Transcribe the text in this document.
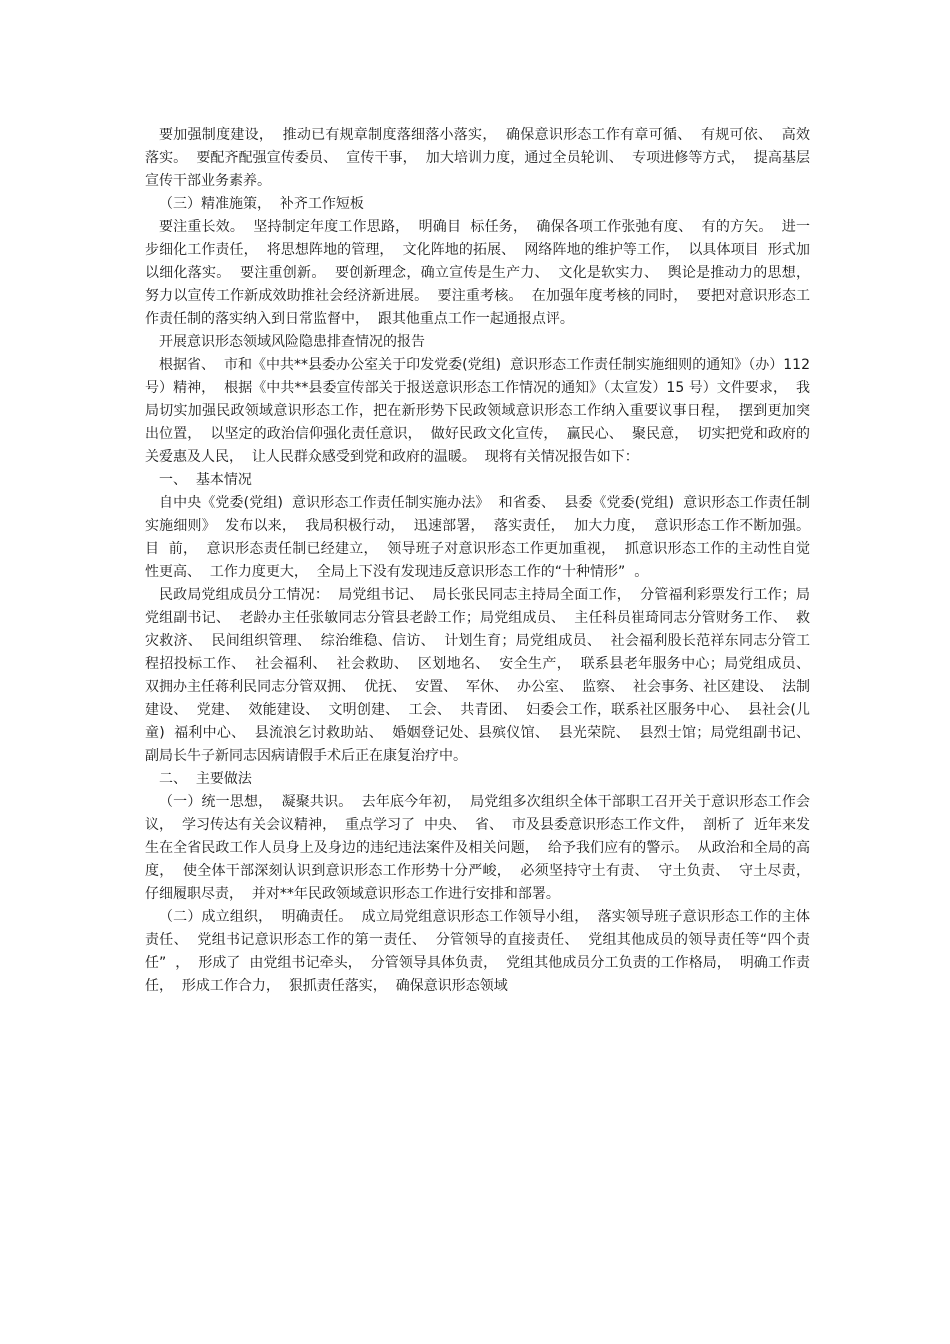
要加强制度建设，  推动已有规章制度落细落小落实，  确保意识形态工作有章可循、  有规可依、  高效落实。  要配齐配强宣传委员、  宣传干事，  加大培训力度，通过全员轮训、  专项进修等方式，  提高基层宣传干部业务素养。

（三）精准施策，  补齐工作短板

要注重长效。  坚持制定年度工作思路，  明确目  标任务，  确保各项工作张弛有度、  有的方矢。  进一步细化工作责任，  将思想阵地的管理，  文化阵地的拓展、  网络阵地的维护等工作，  以具体项目  形式加以细化落实。  要注重创新。  要创新理念，确立宣传是生产力、  文化是软实力、  舆论是推动力的思想，  努力以宣传工作新成效助推社会经济新进展。  要注重考核。  在加强年度考核的同时，  要把对意识形态工作责任制的落实纳入到日常监督中，  跟其他重点工作一起通报点评。

开展意识形态领域风险隐患排查情况的报告

根据省、  市和《中共**县委办公室关于印发党委(党组)  意识形态工作责任制实施细则的通知》（办）112 号）精神，  根据《中共**县委宣传部关于报送意识形态工作情况的通知》（太宣发）15 号）文件要求，  我局切实加强民政领域意识形态工作，把在新形势下民政领域意识形态工作纳入重要议事日程，  摆到更加突出位置，  以坚定的政治信仰强化责任意识，  做好民政文化宣传，  赢民心、  聚民意，  切实把党和政府的关爱惠及人民，  让人民群众感受到党和政府的温暖。  现将有关情况报告如下：

一、  基本情况

自中央《党委(党组)  意识形态工作责任制实施办法》  和省委、  县委《党委(党组)  意识形态工作责任制实施细则》  发布以来，  我局积极行动，  迅速部署，  落实责任，  加大力度，  意识形态工作不断加强。  目  前，  意识形态责任制已经建立，  领导班子对意识形态工作更加重视，  抓意识形态工作的主动性自觉性更高、  工作力度更大，  全局上下没有发现违反意识形态工作的“十种情形”  。

民政局党组成员分工情况：  局党组书记、  局长张民同志主持局全面工作，  分管福利彩票发行工作；局党组副书记、  老龄办主任张敏同志分管县老龄工作；局党组成员、  主任科员崔琦同志分管财务工作、  救灾救济、  民间组织管理、  综治维稳、信访、  计划生育；局党组成员、  社会福利股长范祥东同志分管工程招投标工作、  社会福利、  社会救助、  区划地名、  安全生产，  联系县老年服务中心；局党组成员、  双拥办主任蒋利民同志分管双拥、  优抚、  安置、  军休、  办公室、  监察、  社会事务、社区建设、  法制建设、  党建、  效能建设、  文明创建、  工会、  共青团、  妇委会工作，联系社区服务中心、  县社会(儿童)  福利中心、  县流浪乞讨救助站、  婚姻登记处、县殡仪馆、  县光荣院、  县烈士馆；局党组副书记、  副局长牛子新同志因病请假手术后正在康复治疗中。

二、  主要做法

（一）统一思想，  凝聚共识。  去年底今年初，  局党组多次组织全体干部职工召开关于意识形态工作会议，  学习传达有关会议精神，  重点学习了  中央、  省、  市及县委意识形态工作文件，  剖析了  近年来发生在全省民政工作人员身上及身边的违纪违法案件及相关问题，  给予我们应有的警示。  从政治和全局的高度，  使全体干部深刻认识到意识形态工作形势十分严峻，  必须坚持守土有责、  守土负责、  守土尽责，  仔细履职尽责，  并对**年民政领域意识形态工作进行安排和部署。

（二）成立组织，  明确责任。  成立局党组意识形态工作领导小组，  落实领导班子意识形态工作的主体责任、  党组书记意识形态工作的第一责任、  分管领导的直接责任、  党组其他成员的领导责任等“四个责任”  ，  形成了  由党组书记牵头，  分管领导具体负责，  党组其他成员分工负责的工作格局，  明确工作责任，  形成工作合力，  狠抓责任落实，  确保意识形态领域
